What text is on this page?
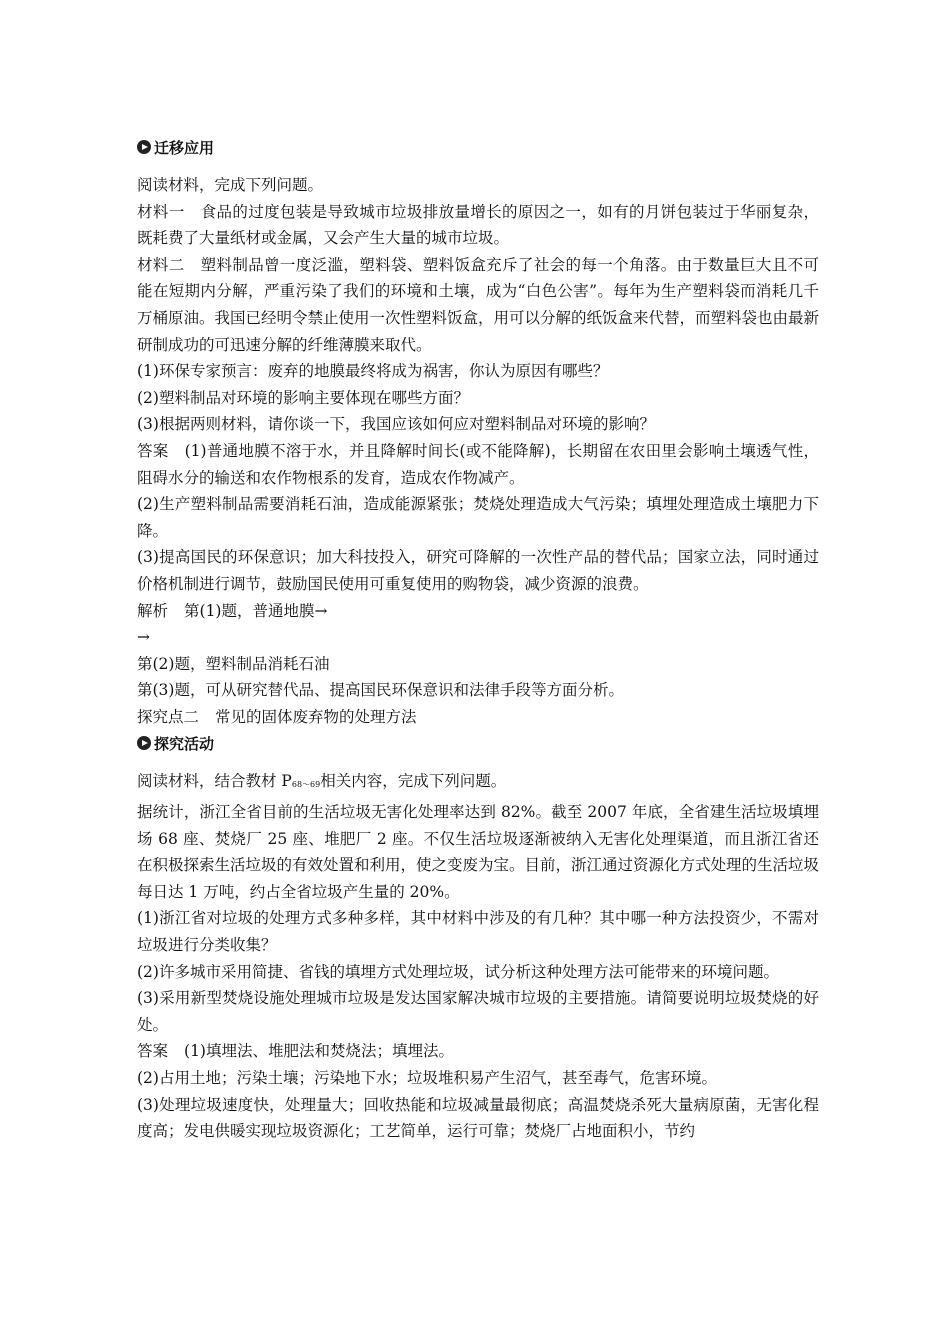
迁移应用

阅读材料，完成下列问题。

材料一 食品的过度包装是导致城市垃圾排放量增长的原因之一，如有的月饼包装过于华丽复杂，既耗费了大量纸材或金属，又会产生大量的城市垃圾。

材料二 塑料制品曾一度泛滥，塑料袋、塑料饭盒充斥了社会的每一个角落。由于数量巨大且不可能在短期内分解，严重污染了我们的环境和土壤，成为“白色公害”。每年为生产塑料袋而消耗几千万桶原油。我国已经明令禁止使用一次性塑料饭盒，用可以分解的纸饭盒来代替，而塑料袋也由最新研制成功的可迅速分解的纤维薄膜来取代。

(1)环保专家预言：废弃的地膜最终将成为祸害，你认为原因有哪些？

(2)塑料制品对环境的影响主要体现在哪些方面？

(3)根据两则材料，请你谈一下，我国应该如何应对塑料制品对环境的影响？

答案 (1)普通地膜不溶于水，并且降解时间长(或不能降解)，长期留在农田里会影响土壤透气性，阻碍水分的输送和农作物根系的发育，造成农作物减产。

(2)生产塑料制品需要消耗石油，造成能源紧张；焚烧处理造成大气污染；填埋处理造成土壤肥力下降。

(3)提高国民的环保意识；加大科技投入，研究可降解的一次性产品的替代品；国家立法，同时通过价格机制进行调节，鼓励国民使用可重复使用的购物袋，减少资源的浪费。

解析 第(1)题，普通地膜→

→

第(2)题，塑料制品消耗石油

第(3)题，可从研究替代品、提高国民环保意识和法律手段等方面分析。

探究点二 常见的固体废弃物的处理方法

探究活动

阅读材料，结合教材 P68～69相关内容，完成下列问题。

据统计，浙江全省目前的生活垃圾无害化处理率达到 82%。截至 2007 年底，全省建生活垃圾填埋场 68 座、焚烧厂 25 座、堆肥厂 2 座。不仅生活垃圾逐渐被纳入无害化处理渠道，而且浙江省还在积极探索生活垃圾的有效处置和利用，使之变废为宝。目前，浙江通过资源化方式处理的生活垃圾每日达 1 万吨，约占全省垃圾产生量的 20%。

(1)浙江省对垃圾的处理方式多种多样，其中材料中涉及的有几种？其中哪一种方法投资少，不需对垃圾进行分类收集？

(2)许多城市采用简捷、省钱的填埋方式处理垃圾，试分析这种处理方法可能带来的环境问题。

(3)采用新型焚烧设施处理城市垃圾是发达国家解决城市垃圾的主要措施。请简要说明垃圾焚烧的好处。

答案 (1)填埋法、堆肥法和焚烧法；填埋法。

(2)占用土地；污染土壤；污染地下水；垃圾堆积易产生沼气，甚至毒气，危害环境。

(3)处理垃圾速度快，处理量大；回收热能和垃圾减量最彻底；高温焚烧杀死大量病原菌，无害化程度高；发电供暖实现垃圾资源化；工艺简单，运行可靠；焚烧厂占地面积小，节约
